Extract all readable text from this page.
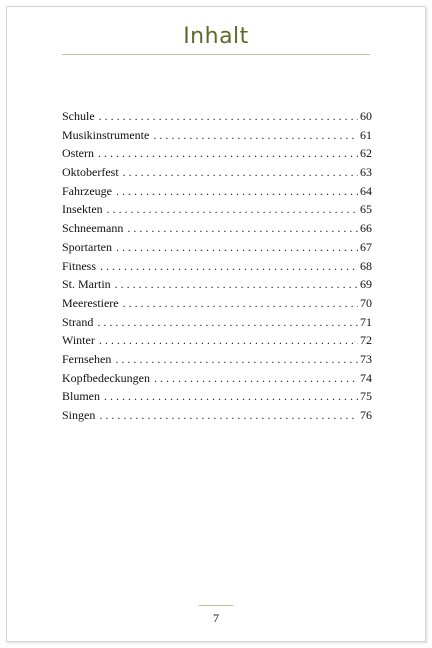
Inhalt
Schule . . .	60
Musikinstrumente . . .	61
Ostern . . .	62
Oktoberfest . . .	63
Fahrzeuge . . .	64
Insekten . . .	65
Schneemann . . .	66
Sportarten . . .	67
Fitness . . .	68
St. Martin . . .	69
Meerestiere . . .	70
Strand . . .	71
Winter . . .	72
Fernsehen . . .	73
Kopfbedeckungen . . .	74
Blumen . . .	75
Singen . . .	76
7
